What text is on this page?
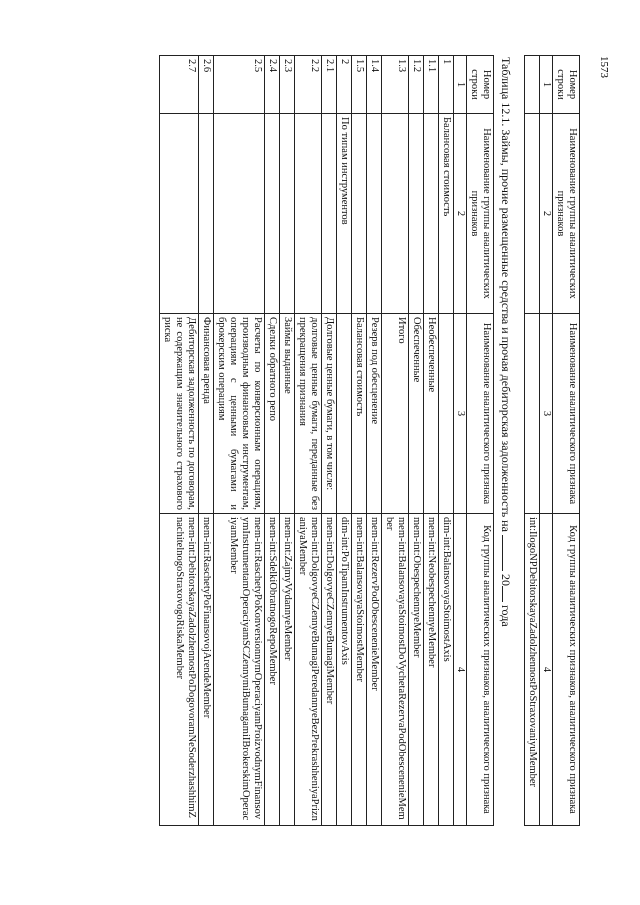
1573
Номер строки	Наименование группы аналитических признаков	Наименование аналитического признака	Код группы аналитических признаков, аналитического признака
1	2	3	4
			int:IlogoNPDebitorskayaZadolzhennostPoStraxovaniyuMember
Таблица 12.1. Займы, прочие размещенные средства и прочая дебиторская задолженность на  20 года
Номер строки	Наименование группы аналитических признаков	Наименование аналитического признака	Код группы аналитических признаков, аналитического признака
1	2	3	4
1	Балансовая стоимость		dim-int:BalansovayaStoimostAxis
1.1		Необеспеченные	mem-int:NeobespechennyeMember
1.2		Обеспеченные	mem-int:ObespechennyeMember
1.3		Итого	mem-int:BalansovayaStoimostDoVychetaRezervaPodObesceneniеMember
1.4		Резерв под обесценение	mem-int:RezervPodObesceneniеMember
1.5		Балансовая стоимость	mem-int:BalansovayaStoimostMember
2	По типам инструментов		dim-int:PoTipamInstrumentovAxis
2.1		Долговые ценные бумаги, в том числе:	mem-int:DolgovyeCZennyeBumagiMember
2.2		долговые ценные бумаги, переданные без прекращения признания	mem-int:DolgovyeCZennyeBumagiPeredannyeBezPrekrashheniyaPriznaniyaMember
2.3		Займы выданные	mem-int:ZajmyVydannyeMember
2.4		Сделки обратного репо	mem-int:SdelkiObratnogoRepoMember
2.5		Расчеты по конверсионным операциям, производным финансовым инструментам, операциям с ценными бумагами и брокерским операциям	mem-int:RaschetyPoKonversionnymOperaciyamProizvodnymFinansovymInstrumentamOperaciyamSCZennymiBumagamiIBrokerskimOperaciyamMember
2.6		Финансовая аренда	mem-int:RaschetyPoFinansovojArendeMember
2.7		Дебиторская задолженность по договорам, не содержащим значительного страхового риска	mem-int:DebitorskayaZadolzhennostPoDogovoramNeSoderzhashhimZnachitelnogoStraxovogoRiskaMember
